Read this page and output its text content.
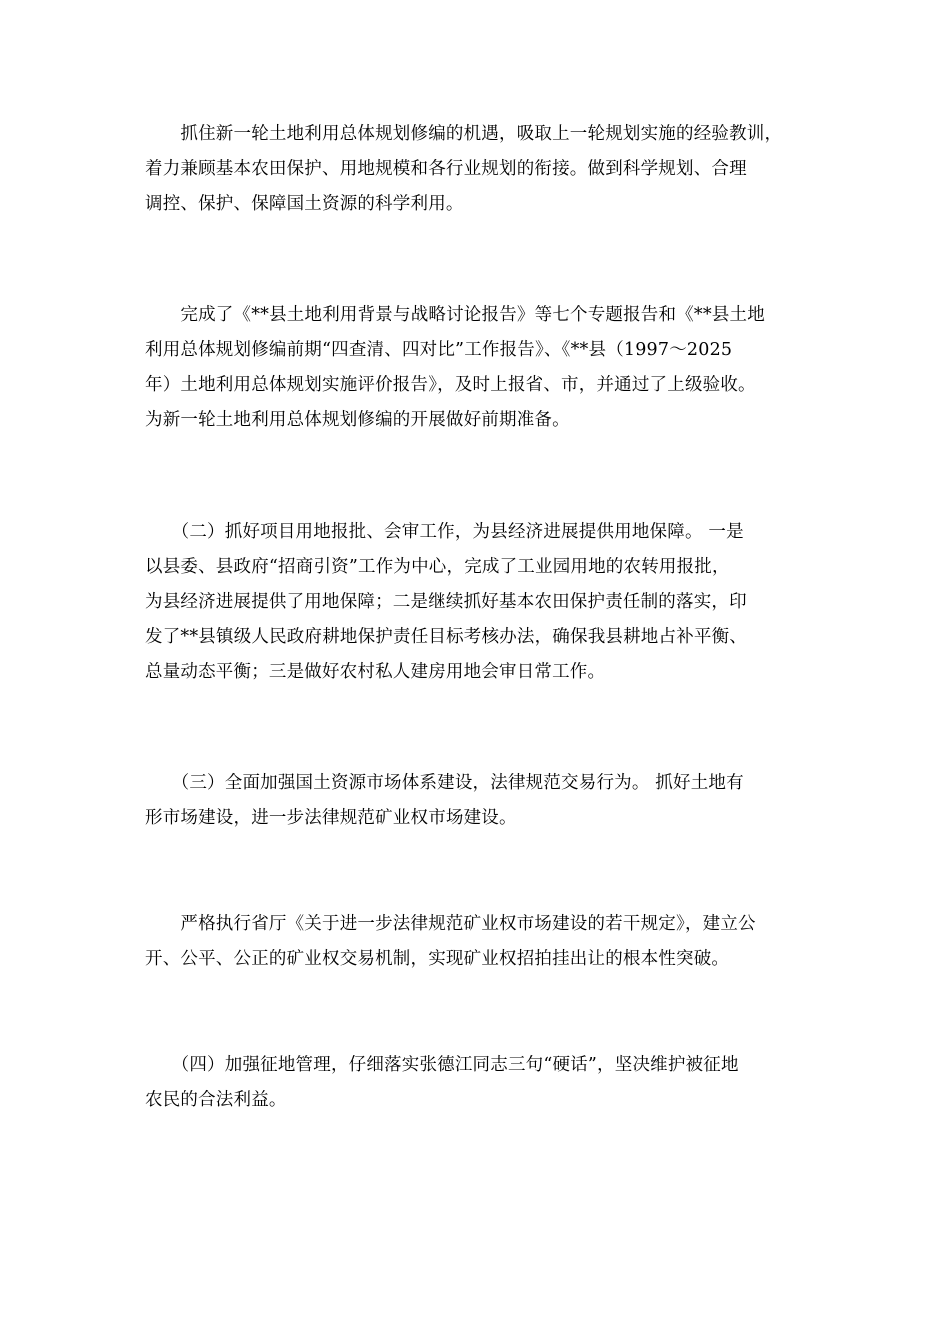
　　抓住新一轮土地利用总体规划修编的机遇，吸取上一轮规划实施的经验教训，
着力兼顾基本农田保护、用地规模和各行业规划的衔接。做到科学规划、合理
调控、保护、保障国土资源的科学利用。

　　完成了《**县土地利用背景与战略讨论报告》等七个专题报告和《**县土地
利用总体规划修编前期“四查清、四对比”工作报告》、《**县（1997～2025
年）土地利用总体规划实施评价报告》，及时上报省、市，并通过了上级验收。
为新一轮土地利用总体规划修编的开展做好前期准备。

　　（二）抓好项目用地报批、会审工作，为县经济进展提供用地保障。 一是
以县委、县政府“招商引资”工作为中心，完成了工业园用地的农转用报批，
为县经济进展提供了用地保障；二是继续抓好基本农田保护责任制的落实，印
发了**县镇级人民政府耕地保护责任目标考核办法，确保我县耕地占补平衡、
总量动态平衡；三是做好农村私人建房用地会审日常工作。

　　（三）全面加强国土资源市场体系建设，法律规范交易行为。 抓好土地有
形市场建设，进一步法律规范矿业权市场建设。

　　严格执行省厅《关于进一步法律规范矿业权市场建设的若干规定》，建立公
开、公平、公正的矿业权交易机制，实现矿业权招拍挂出让的根本性突破。

　　（四）加强征地管理，仔细落实张德江同志三句“硬话”，坚决维护被征地
农民的合法利益。
